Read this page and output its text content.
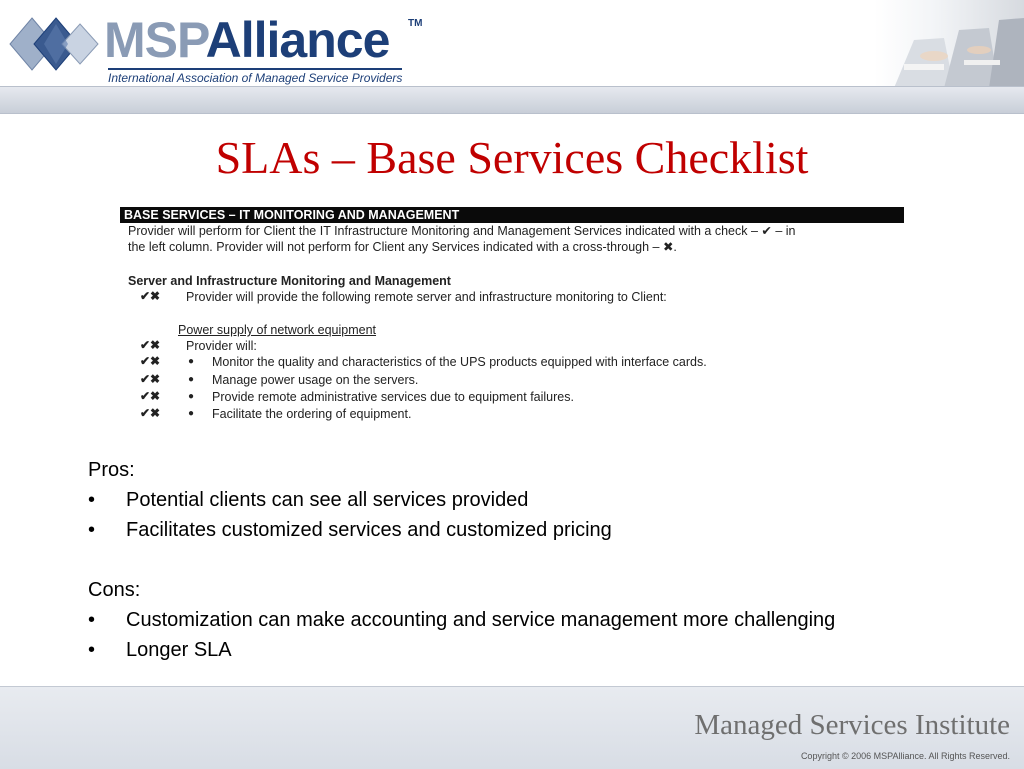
MSPAlliance TM
International Association of Managed Service Providers
SLAs – Base Services Checklist
BASE SERVICES – IT MONITORING AND MANAGEMENT
Provider will perform for Client the IT Infrastructure Monitoring and Management Services indicated with a check – ✔ – in
the left column. Provider will not perform for Client any Services indicated with a cross-through – ✖.
Server and Infrastructure Monitoring and Management
✔✖ Provider will provide the following remote server and infrastructure monitoring to Client:
Power supply of network equipment
✔✖ Provider will:
✔✖	● Monitor the quality and characteristics of the UPS products equipped with interface cards.
✔✖	● Manage power usage on the servers.
✔✖	● Provide remote administrative services due to equipment failures.
✔✖	● Facilitate the ordering of equipment.
Pros:
• Potential clients can see all services provided
• Facilitates customized services and customized pricing
Cons:
• Customization can make accounting and service management more challenging
• Longer SLA
Managed Services Institute
Copyright © 2006 MSPAlliance. All Rights Reserved.
